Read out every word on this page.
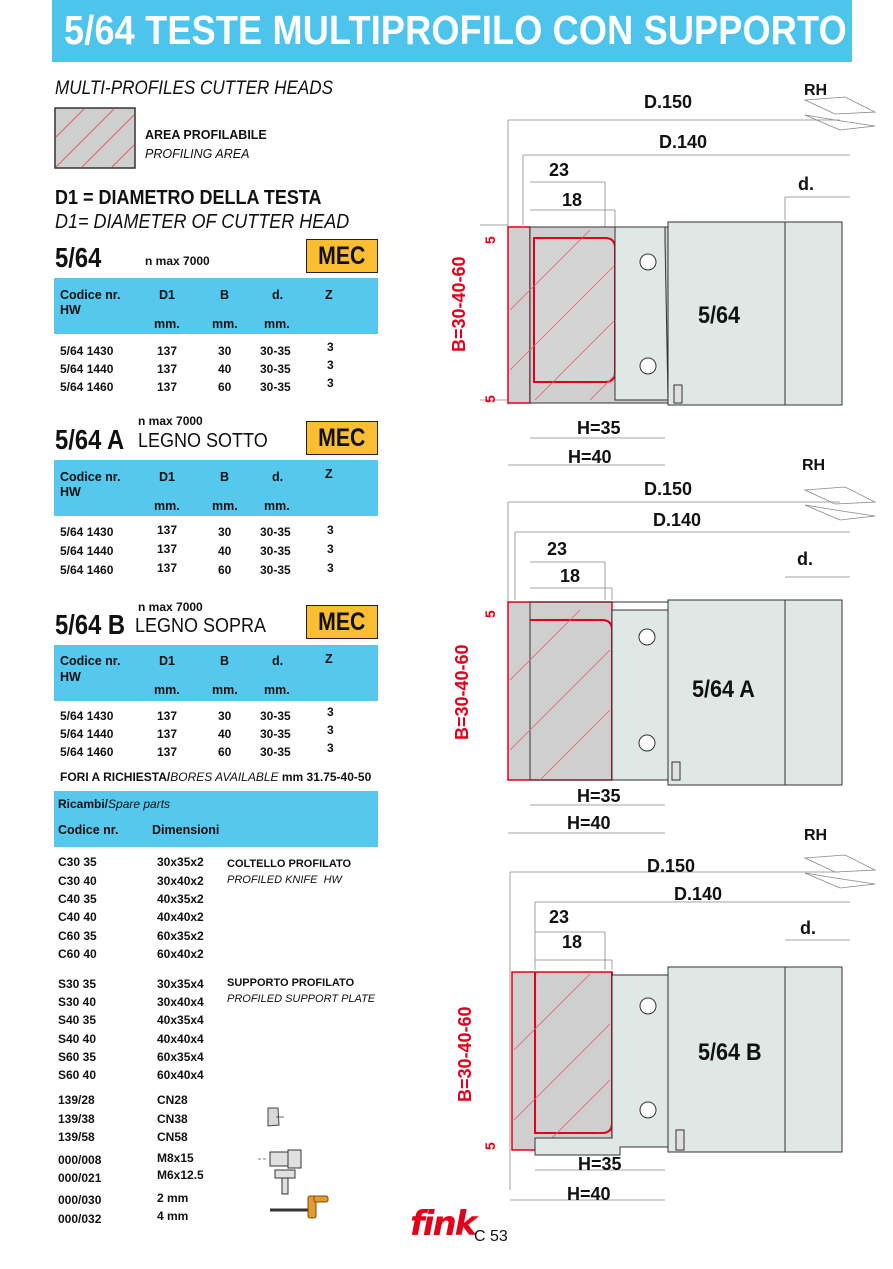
5/64 TESTE MULTIPROFILO CON SUPPORTO
MULTI-PROFILES CUTTER HEADS
AREA PROFILABILE
PROFILING AREA
D1 = DIAMETRO DELLA TESTA
D1= DIAMETER OF CUTTER HEAD
5/64	n max 7000	MEC
Codice nr.
HW
D1	B	d.	Z
mm.	mm. mm.
5/64 1430	137	30 30-35	3
5/64 1440	137	40 30-35	3
5/64 1460	137	60 30-35	3
n max 7000
5/64 A LEGNO SOTTO	MEC
Codice nr.
HW
D1	B	d.	Z
mm.	mm. mm.
5/64 1430	137	30 30-35	3
5/64 1440	137	40 30-35	3
5/64 1460	137	60 30-35	3
n max 7000
5/64 B LEGNO SOPRA	MEC
Codice nr.
HW
D1	B	d.	Z
mm.	mm. mm.
5/64 1430	137	30 30-35	3
5/64 1440	137	40 30-35	3
5/64 1460	137	60 30-35	3
FORI A RICHIESTA/BORES AVAILABLE mm 31.75-40-50
Ricambi/Spare parts
Codice nr.	Dimensioni
C30 35	30x35x2
C30 40	30x40x2
C40 35	40x35x2
C40 40	40x40x2
C60 35	60x35x2
C60 40	60x40x2
S30 35	30x35x4
S30 40	30x40x4
S40 35	40x35x4
S40 40	40x40x4
S60 35	60x35x4
S60 40	60x40x4
139/28	CN28
139/38	CN38
139/58	CN58
000/008	M8x15
000/021	M6x12.5
000/030	2 mm
000/032	4 mm
COLTELLO PROFILATO
PROFILED KNIFE  HW
SUPPORTO PROFILATO
PROFILED SUPPORT PLATE
fink
C 53
D.150
RH
D.140
23
18
d.
B=30-40-60
5
5
5/64
H=35
H=40
D.150
RH
D.140
23
18
d.
B=30-40-60
5
5/64 A
H=35
H=40
D.150
RH
D.140
23
18
d.
B=30-40-60
5
5/64 B
H=35
H=40
